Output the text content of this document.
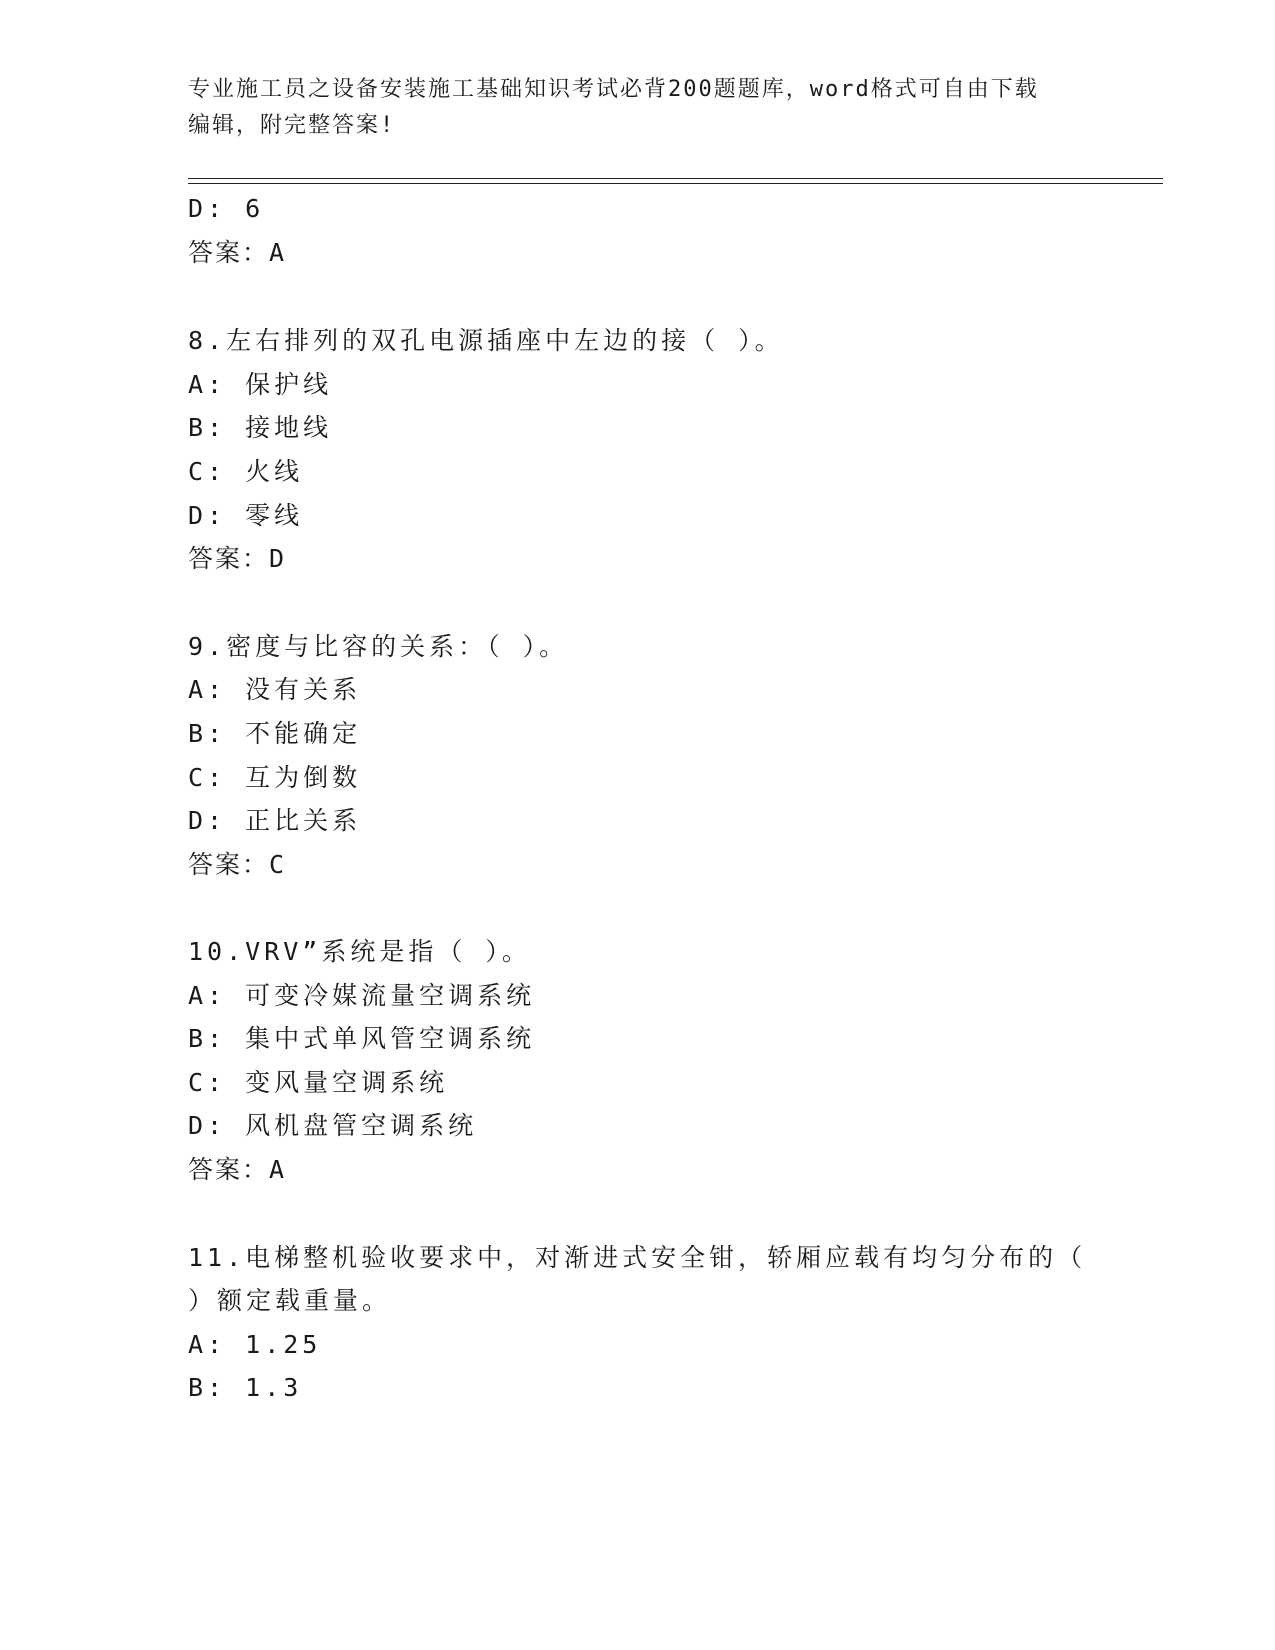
专业施工员之设备安装施工基础知识考试必背200题题库，word格式可自由下载
编辑，附完整答案!
D: 6
答案：A
8.左右排列的双孔电源插座中左边的接（ ）。
A: 保护线
B: 接地线
C: 火线
D: 零线
答案：D
9.密度与比容的关系：（ ）。
A: 没有关系
B: 不能确定
C: 互为倒数
D: 正比关系
答案：C
10.VRV”系统是指（ ）。
A: 可变冷媒流量空调系统
B: 集中式单风管空调系统
C: 变风量空调系统
D: 风机盘管空调系统
答案：A
11.电梯整机验收要求中，对渐进式安全钳，轿厢应载有均匀分布的（
）额定载重量。
A: 1.25
B: 1.3
